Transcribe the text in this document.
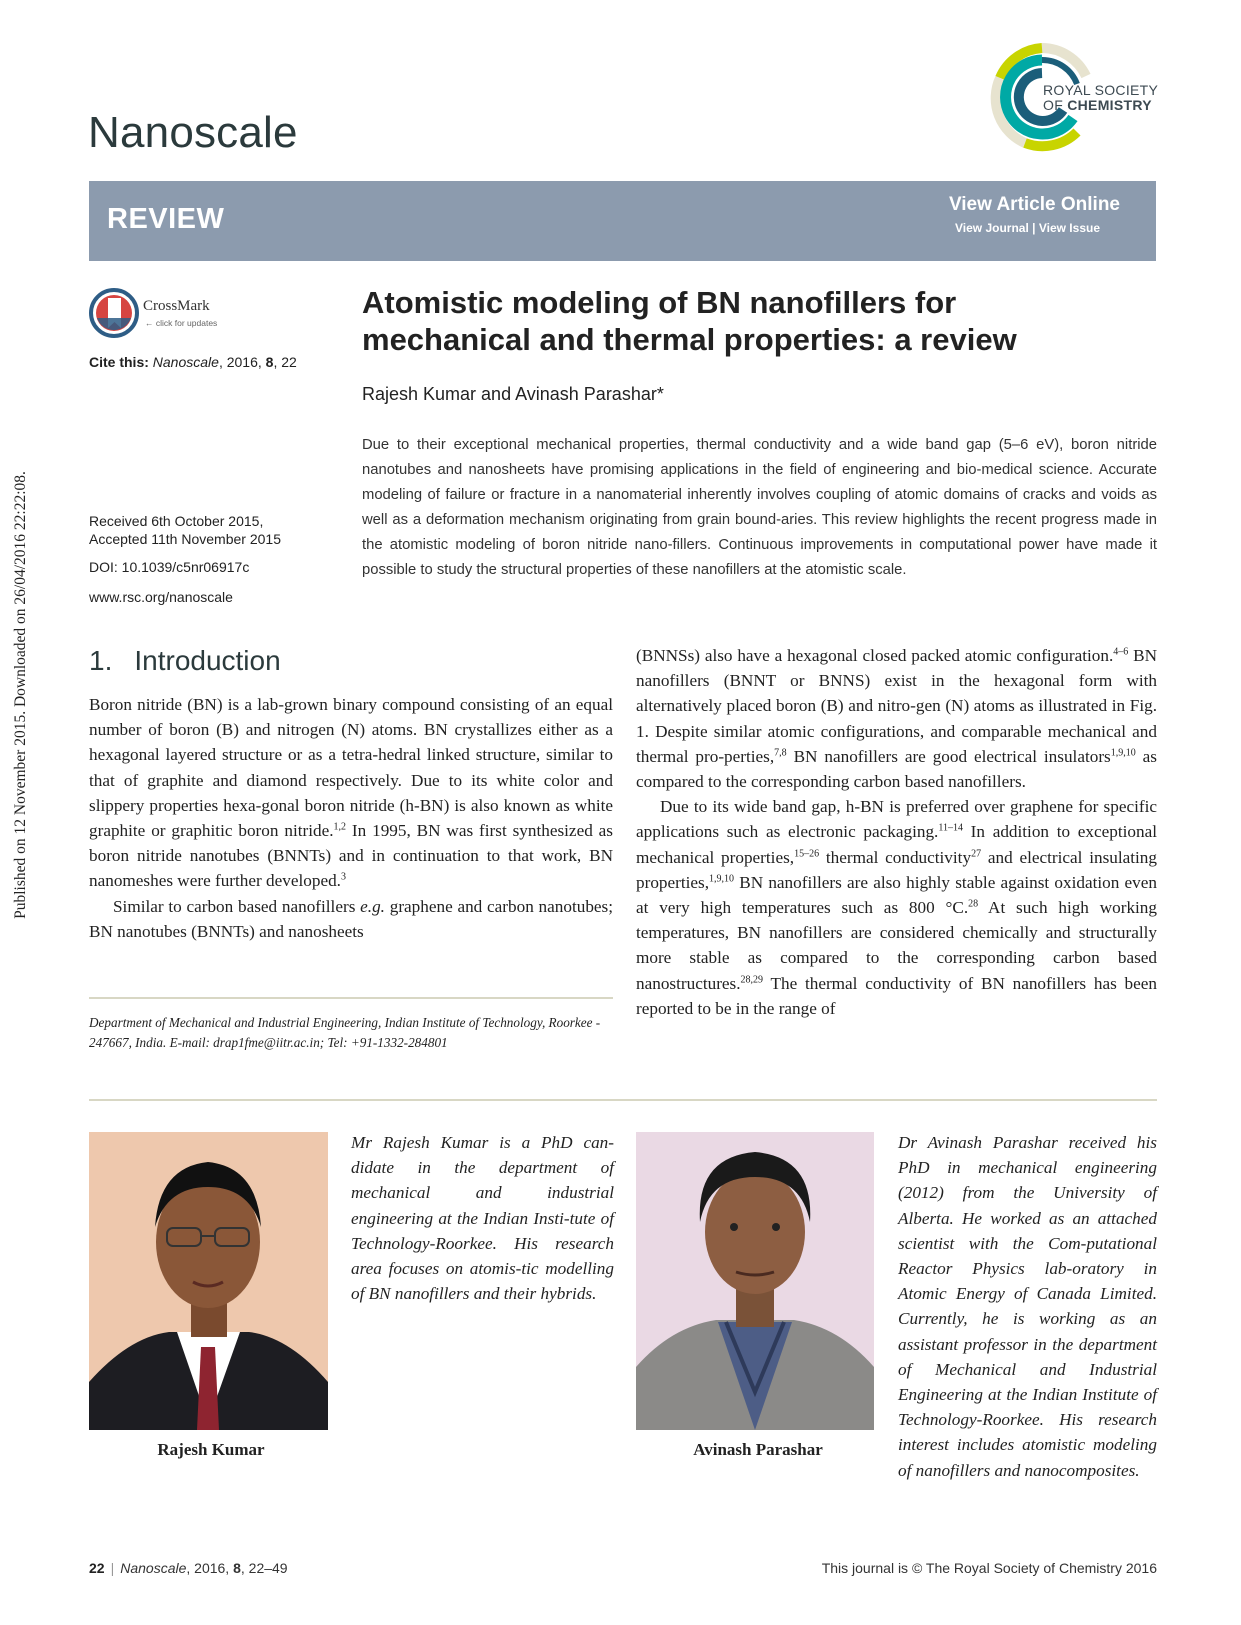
Published on 12 November 2015. Downloaded on 26/04/2016 22:22:08.
Nanoscale
ROYAL SOCIETY
OF CHEMISTRY
REVIEW	View Article Online
View Journal | View Issue
CrossMark
← click for updates
Cite this: Nanoscale, 2016, 8, 22
Atomistic modeling of BN nanofillers for mechanical and thermal properties: a review
Rajesh Kumar and Avinash Parashar*
Due to their exceptional mechanical properties, thermal conductivity and a wide band gap (5–6 eV), boron nitride nanotubes and nanosheets have promising applications in the field of engineering and bio-medical science. Accurate modeling of failure or fracture in a nanomaterial inherently involves coupling of atomic domains of cracks and voids as well as a deformation mechanism originating from grain bound-aries. This review highlights the recent progress made in the atomistic modeling of boron nitride nano-fillers. Continuous improvements in computational power have made it possible to study the structural properties of these nanofillers at the atomistic scale.
Received 6th October 2015,
Accepted 11th November 2015
DOI: 10.1039/c5nr06917c
www.rsc.org/nanoscale
1. Introduction

Boron nitride (BN) is a lab-grown binary compound consisting of an equal number of boron (B) and nitrogen (N) atoms. BN crystallizes either as a hexagonal layered structure or as a tetra-hedral linked structure, similar to that of graphite and diamond respectively. Due to its white color and slippery properties hexa-gonal boron nitride (h-BN) is also known as white graphite or graphitic boron nitride.$^{1,2}$ In 1995, BN was first synthesized as boron nitride nanotubes (BNNTs) and in continuation to that work, BN nanomeshes were further developed.$^3$

Similar to carbon based nanofillers e.g. graphene and carbon nanotubes; BN nanotubes (BNNTs) and nanosheets

(BNNSs) also have a hexagonal closed packed atomic configuration.$^{4-6}$ BN nanofillers (BNNT or BNNS) exist in the hexagonal form with alternatively placed boron (B) and nitro-gen (N) atoms as illustrated in Fig. 1. Despite similar atomic configurations, and comparable mechanical and thermal pro-perties,$^{7,8}$ BN nanofillers are good electrical insulators$^{1,9,10}$ as compared to the corresponding carbon based nanofillers.

Due to its wide band gap, h-BN is preferred over graphene for specific applications such as electronic packaging.$^{11-14}$ In addition to exceptional mechanical properties,$^{15-26}$ thermal conductivity$^{27}$ and electrical insulating properties,$^{1,9,10}$ BN nanofillers are also highly stable against oxidation even at very high temperatures such as 800 °C.$^{28}$ At such high working temperatures, BN nanofillers are considered chemically and structurally more stable as compared to the corresponding carbon based nanostructures.$^{28,29}$ The thermal conductivity of BN nanofillers has been reported to be in the range of

Department of Mechanical and Industrial Engineering, Indian Institute of Technology, Roorkee - 247667, India. E-mail: drap1fme@iitr.ac.in; Tel: +91-1332-284801
Rajesh Kumar
Mr Rajesh Kumar is a PhD can-didate in the department of mechanical and industrial engineering at the Indian Insti-tute of Technology-Roorkee. His research area focuses on atomis-tic modelling of BN nanofillers and their hybrids.
Avinash Parashar
Dr Avinash Parashar received his PhD in mechanical engineering (2012) from the University of Alberta. He worked as an attached scientist with the Com-putational Reactor Physics lab-oratory in Atomic Energy of Canada Limited. Currently, he is working as an assistant professor in the department of Mechanical and Industrial Engineering at the Indian Institute of Technology-Roorkee. His research interest includes atomistic modeling of nanofillers and nanocomposites.
22 | Nanoscale, 2016, 8, 22–49	This journal is © The Royal Society of Chemistry 2016
